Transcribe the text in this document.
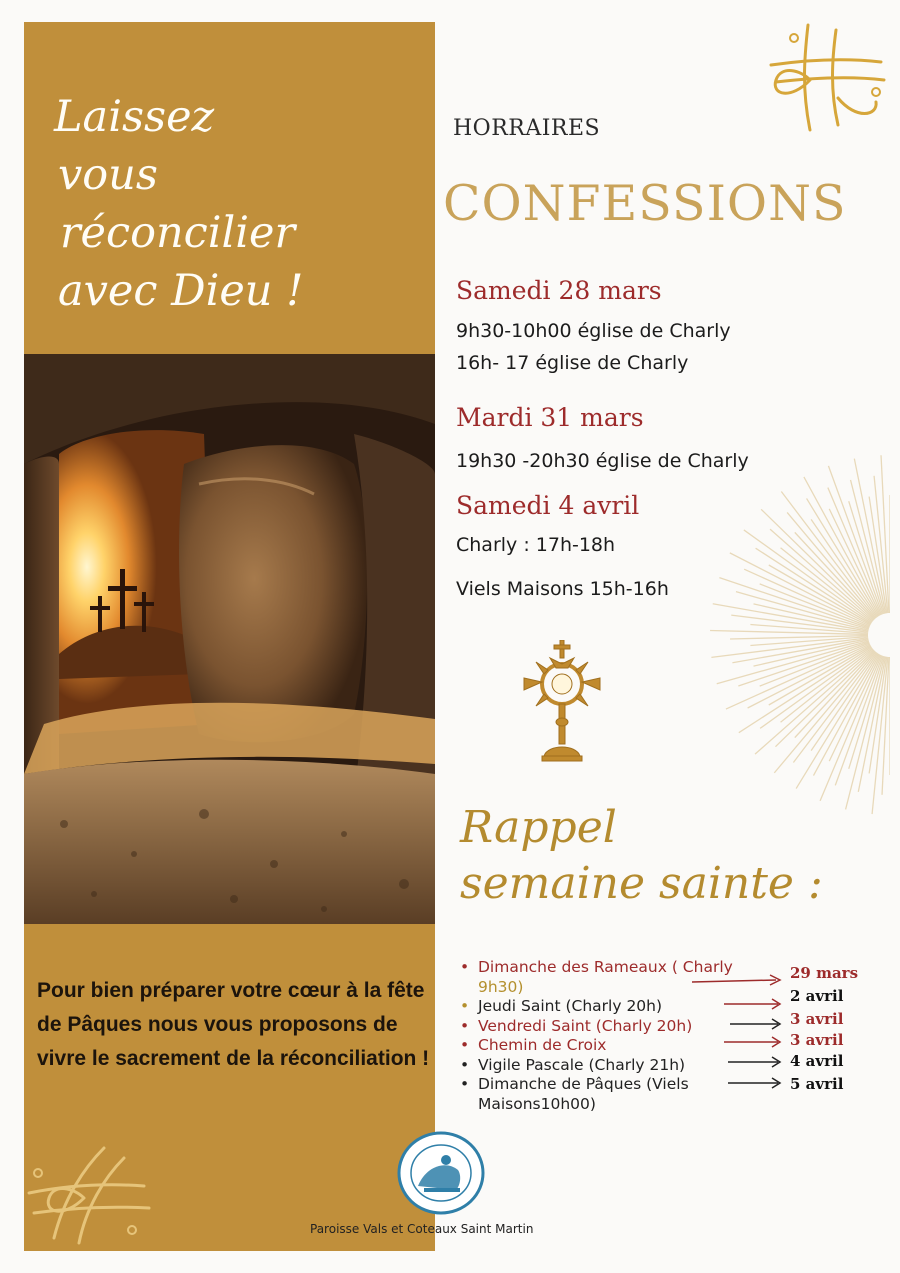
Laissez
vous
réconcilier
avec Dieu !
Pour bien préparer votre cœur à la fête de Pâques nous vous proposons de vivre le sacrement de la réconciliation !
HORRAIRES
CONFESSIONS
Samedi 28 mars
9h30-10h00 église de Charly
16h- 17 église de Charly
Mardi 31 mars
19h30 -20h30 église de Charly
Samedi 4 avril
Charly : 17h-18h
Viels Maisons 15h-16h
Rappel
semaine sainte :
• Dimanche des Rameaux ( Charly
9h30)
• Jeudi Saint (Charly 20h)
• Vendredi Saint (Charly 20h)
• Chemin de Croix
• Vigile Pascale (Charly 21h)
• Dimanche de Pâques (Viels
Maisons10h00)
29 mars
2 avril
3 avril
3 avril
4 avril
5 avril
Paroisse Vals et Coteaux Saint Martin
